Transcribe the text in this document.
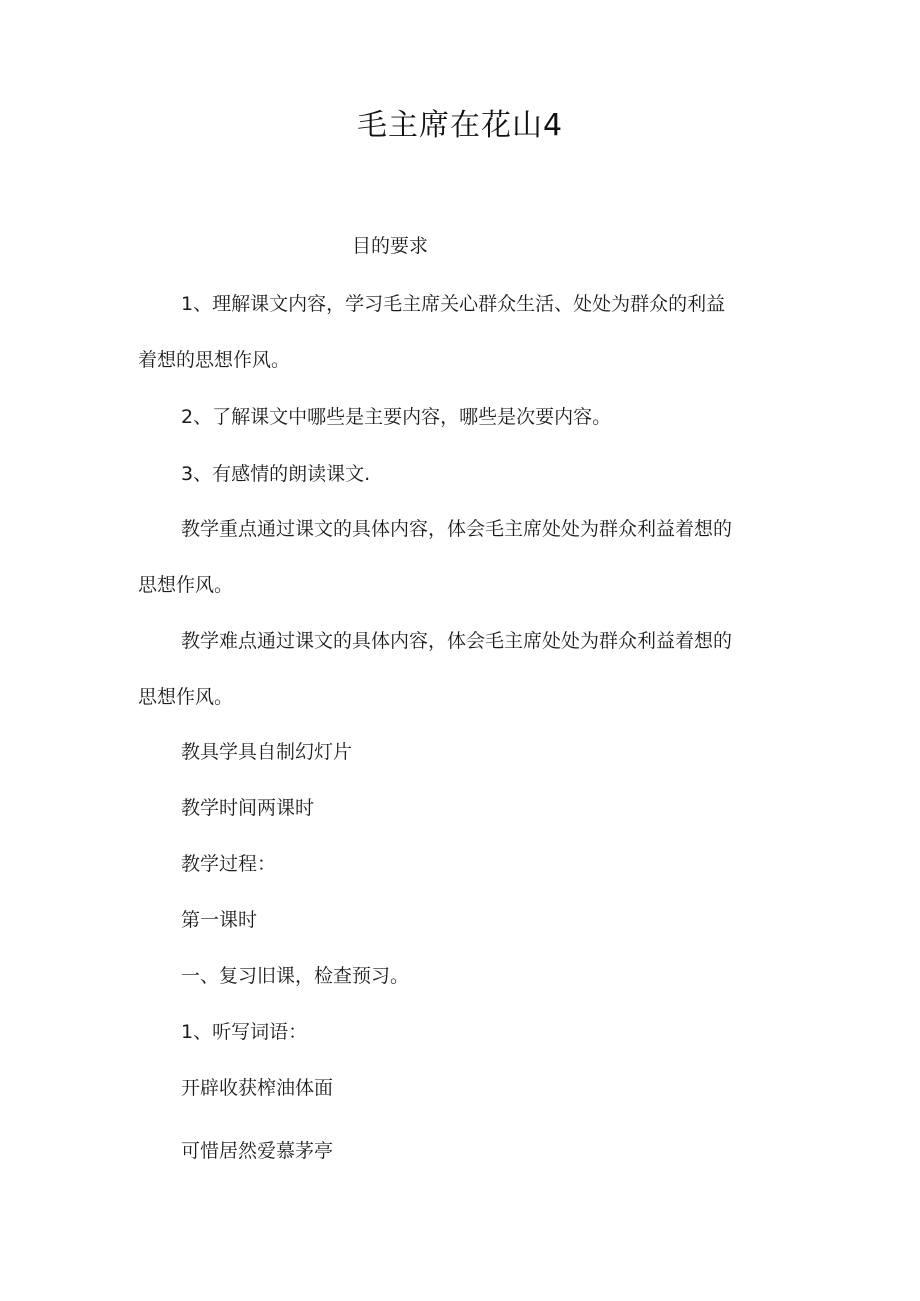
毛主席在花山4

目的要求

1、理解课文内容，学习毛主席关心群众生活、处处为群众的利益

着想的思想作风。

2、了解课文中哪些是主要内容，哪些是次要内容。

3、有感情的朗读课文.

教学重点通过课文的具体内容，体会毛主席处处为群众利益着想的

思想作风。

教学难点通过课文的具体内容，体会毛主席处处为群众利益着想的

思想作风。

教具学具自制幻灯片

教学时间两课时

教学过程：

第一课时

一、复习旧课，检查预习。

1、听写词语：

开辟收获榨油体面

可惜居然爱慕茅亭
